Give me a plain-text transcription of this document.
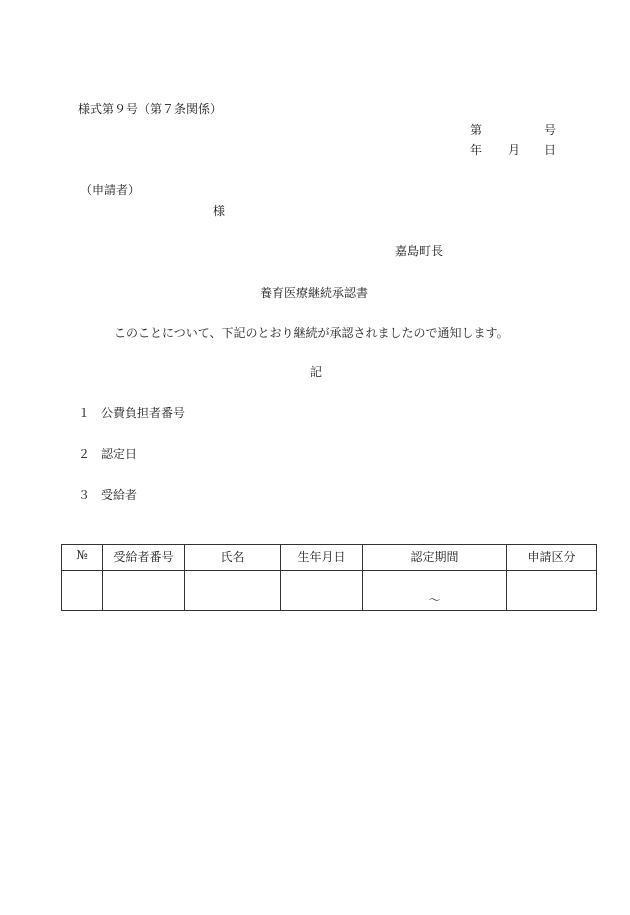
様式第９号（第７条関係）
第	号
年 月 日
（申請者）
様
嘉島町長
養育医療継続承認書
このことについて、下記のとおり継続が承認されましたので通知します。
記
１ 公費負担者番号
２ 認定日
３ 受給者
№	受給者番号	氏名	生年月日	認定期間	申請区分
				～	
